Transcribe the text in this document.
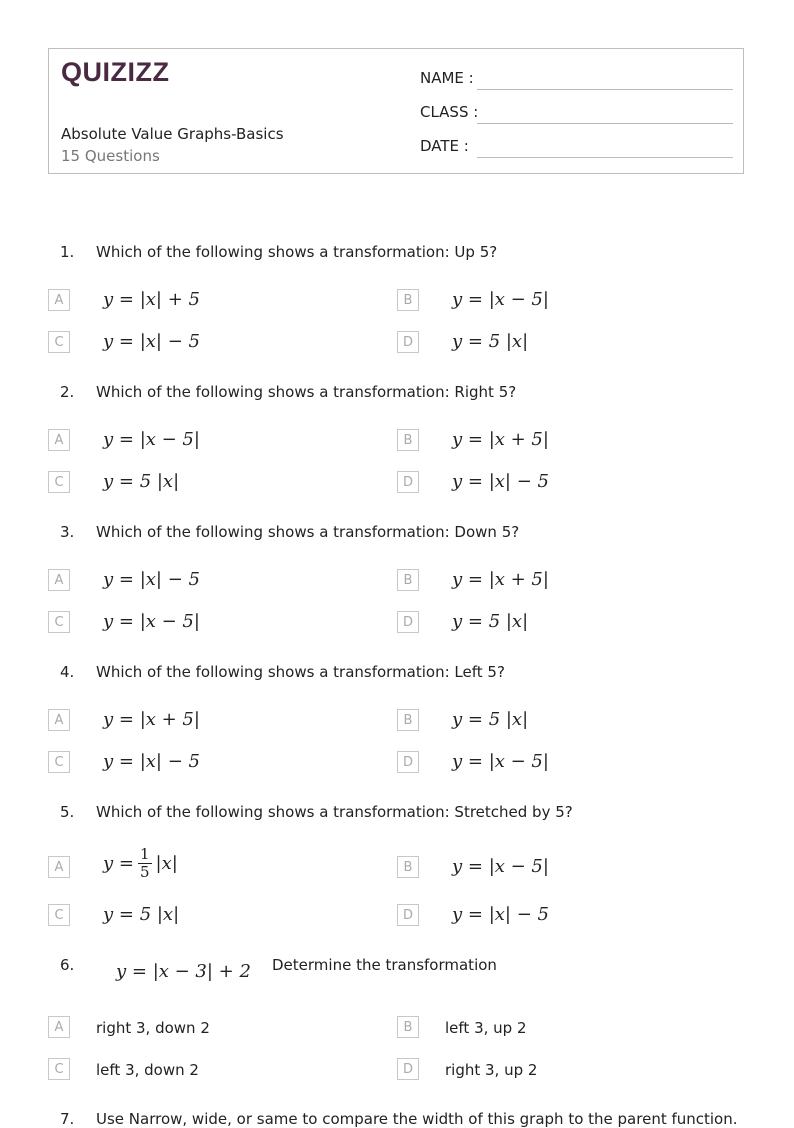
QUIZIZZ
Absolute Value Graphs-Basics
15 Questions
NAME :
CLASS :
DATE :
1. Which of the following shows a transformation: Up 5?
A	y = |x| + 5	B	y = |x − 5|
C	y = |x| − 5	D	y = 5 |x|
2. Which of the following shows a transformation: Right 5?
A	y = |x − 5|	B	y = |x + 5|
C	y = 5 |x|	D	y = |x| − 5
3. Which of the following shows a transformation: Down 5?
A	y = |x| − 5	B	y = |x + 5|
C	y = |x − 5|	D	y = 5 |x|
4. Which of the following shows a transformation: Left 5?
A	y = |x + 5|	B	y = 5 |x|
C	y = |x| − 5	D	y = |x − 5|
5. Which of the following shows a transformation: Stretched by 5?
A	$y = \frac{1}{5} |x|$	B	y = |x − 5|
C	y = 5 |x|	D	y = |x| − 5
6. y = |x − 3| + 2 Determine the transformation
A	right 3, down 2	B	left 3, up 2
C	left 3, down 2	D	right 3, up 2
7. Use Narrow, wide, or same to compare the width of this graph to the parent function.
